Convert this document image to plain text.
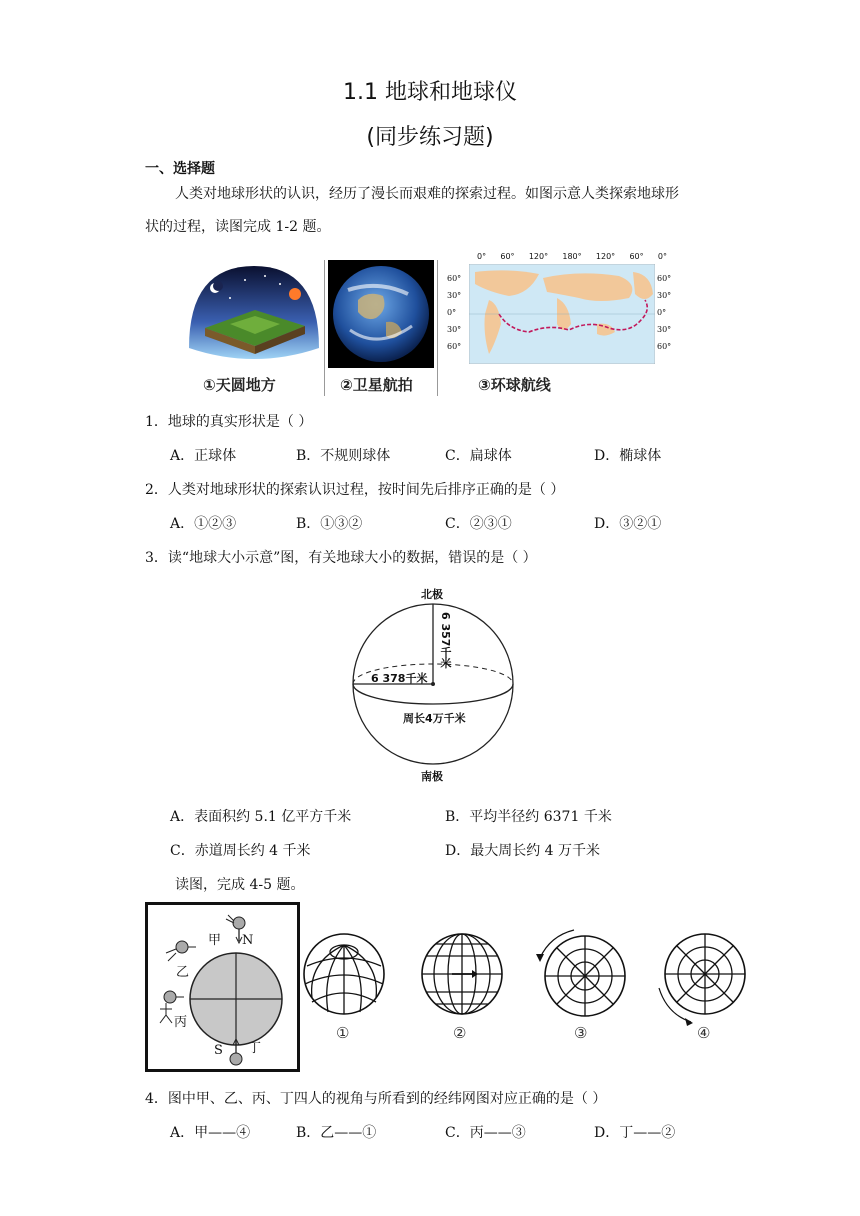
1.1 地球和地球仪
(同步练习题)
一、选择题
人类对地球形状的认识，经历了漫长而艰难的探索过程。如图示意人类探索地球形
状的过程，读图完成 1-2 题。
①天圆地方	②卫星航拍
0° 60° 120° 180° 120° 60° 0°
60°
30°
0°
30°
60°
60°
30°
0°
30°
60°
③环球航线
1．地球的真实形状是（ ）
A．正球体	B．不规则球体	C．扁球体	D．椭球体
2．人类对地球形状的探索认识过程，按时间先后排序正确的是（ ）
A．①②③	B．①③②	C．②③①	D．③②①
3．读“地球大小示意”图，有关地球大小的数据，错误的是（ ）
北极
6 357千米
6 378千米
周长4万千米
南极
A．表面积约 5.1 亿平方千米	B．平均半径约 6371 千米
C．赤道周长约 4 千米	D．最大周长约 4 万千米
读图，完成 4-5 题。
甲 N
乙
丙
S 丁
①	②	③	④
4．图中甲、乙、丙、丁四人的视角与所看到的经纬网图对应正确的是（ ）
A．甲——④	B．乙——①	C．丙——③	D．丁——②
